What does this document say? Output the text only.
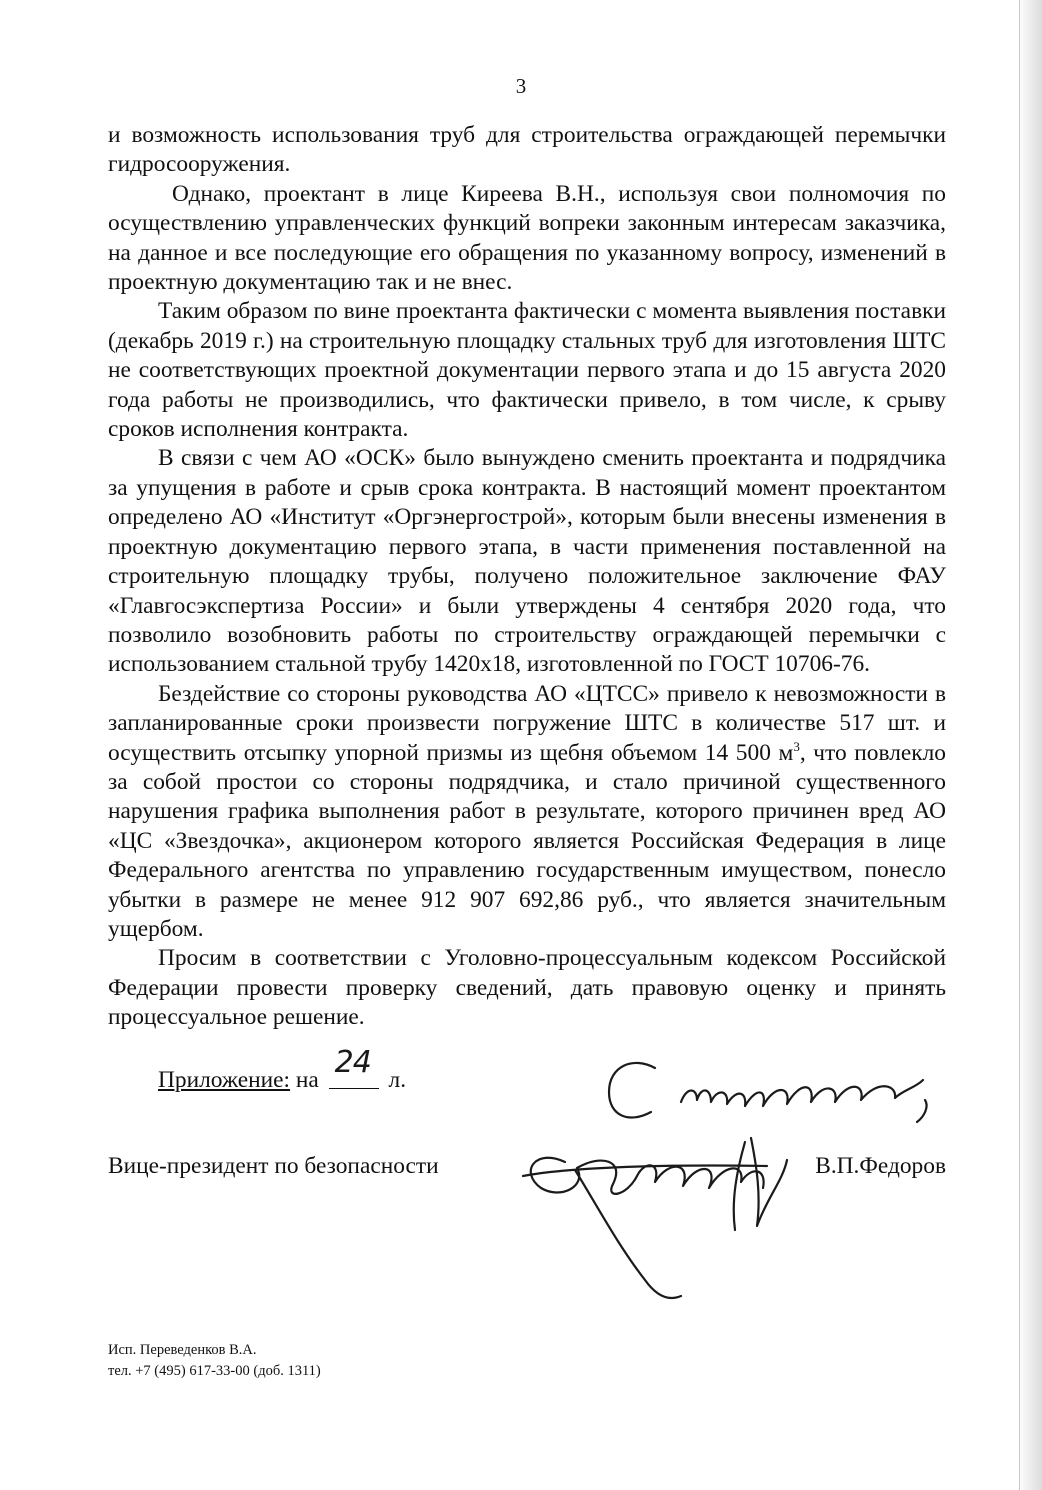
3

и возможность использования труб для строительства ограждающей перемычки гидросооружения.

Однако, проектант в лице Киреева В.Н., используя свои полномочия по осуществлению управленческих функций вопреки законным интересам заказчика, на данное и все последующие его обращения по указанному вопросу, изменений в проектную документацию так и не внес.

Таким образом по вине проектанта фактически с момента выявления поставки (декабрь 2019 г.) на строительную площадку стальных труб для изготовления ШТС не соответствующих проектной документации первого этапа и до 15 августа 2020 года работы не производились, что фактически привело, в том числе, к срыву сроков исполнения контракта.

В связи с чем АО «ОСК» было вынуждено сменить проектанта и подрядчика за упущения в работе и срыв срока контракта. В настоящий момент проектантом определено АО «Институт «Оргэнергострой», которым были внесены изменения в проектную документацию первого этапа, в части применения поставленной на строительную площадку трубы, получено положительное заключение ФАУ «Главгосэкспертиза России» и были утверждены 4 сентября 2020 года, что позволило возобновить работы по строительству ограждающей перемычки с использованием стальной трубу 1420х18, изготовленной по ГОСТ 10706-76.

Бездействие со стороны руководства АО «ЦТСС» привело к невозможности в запланированные сроки произвести погружение ШТС в количестве 517 шт. и осуществить отсыпку упорной призмы из щебня объемом 14 500 $м^3$, что повлекло за собой простои со стороны подрядчика, и стало причиной существенного нарушения графика выполнения работ в результате, которого причинен вред АО «ЦС «Звездочка», акционером которого является Российская Федерация в лице Федерального агентства по управлению государственным имуществом, понесло убытки в размере не менее 912 907 692,86 руб., что является значительным ущербом.

Просим в соответствии с Уголовно-процессуальным кодексом Российской Федерации провести проверку сведений, дать правовую оценку и принять процессуальное решение.

Приложение: на 24 л.
Вице-президент по безопасности	В.П.Федоров
Исп. Переведенков В.А.
тел. +7 (495) 617-33-00 (доб. 1311)
